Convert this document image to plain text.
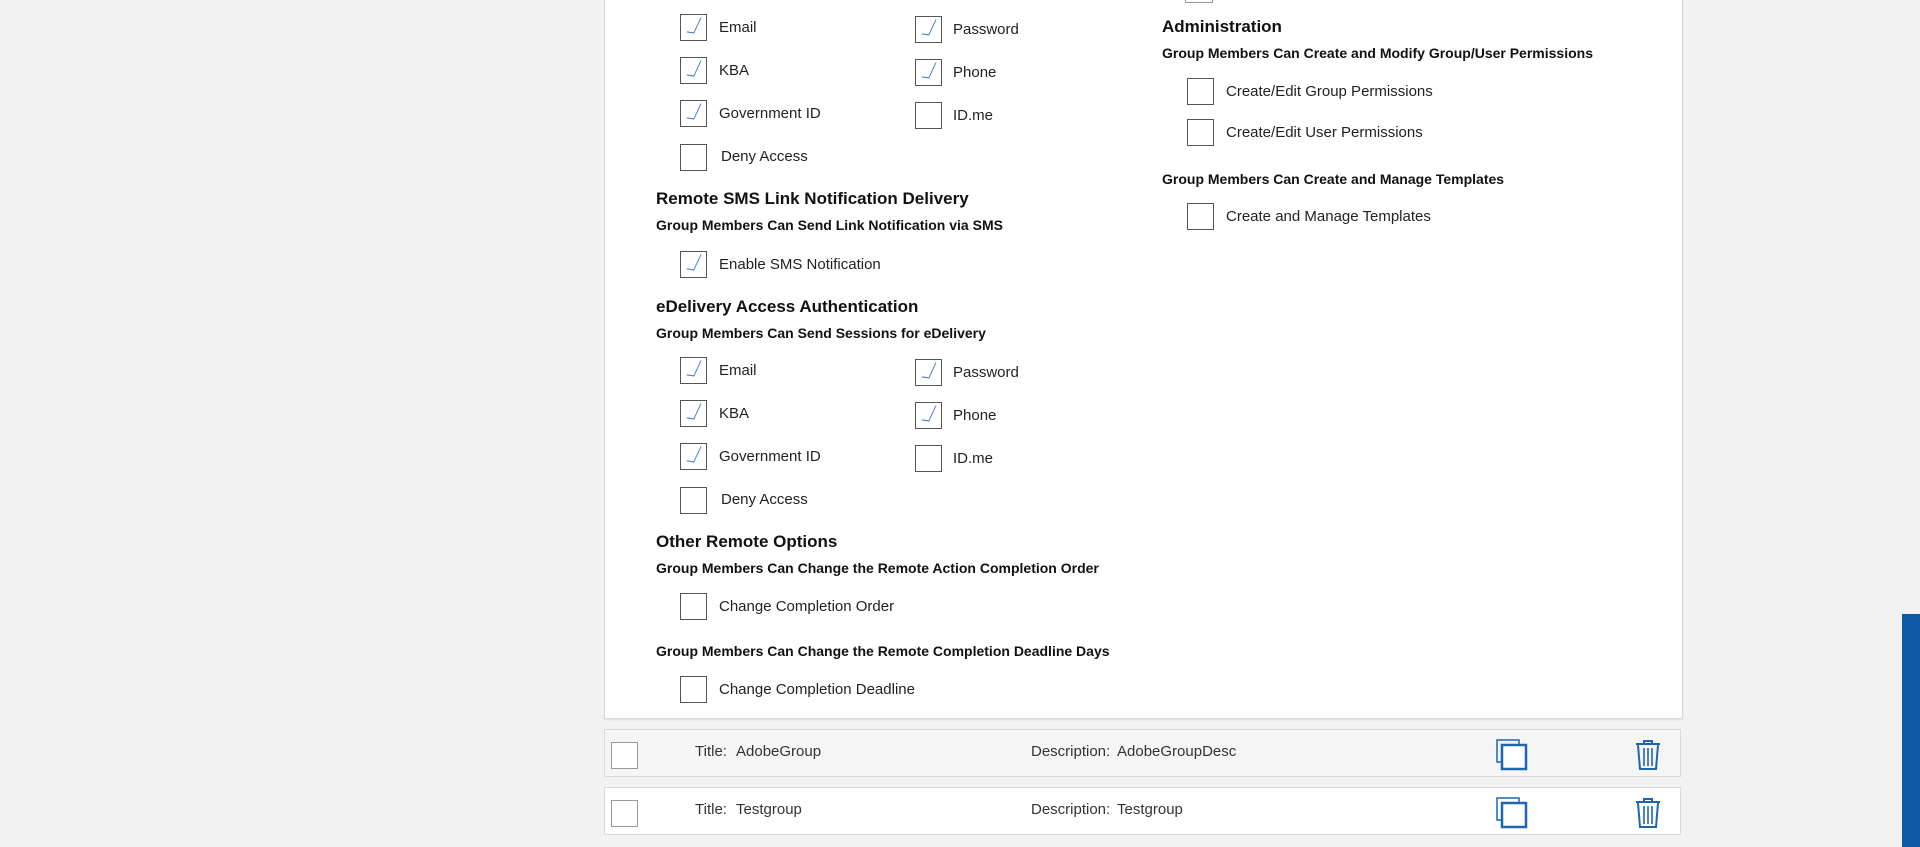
Email	Password
KBA	Phone
Government ID	ID.me
Deny Access
Remote SMS Link Notification Delivery
Group Members Can Send Link Notification via SMS
Enable SMS Notification
eDelivery Access Authentication
Group Members Can Send Sessions for eDelivery
Email	Password
KBA	Phone
Government ID	ID.me
Deny Access
Other Remote Options
Group Members Can Change the Remote Action Completion Order
Change Completion Order
Group Members Can Change the Remote Completion Deadline Days
Change Completion Deadline
Administration
Group Members Can Create and Modify Group/User Permissions
Create/Edit Group Permissions
Create/Edit User Permissions
Group Members Can Create and Manage Templates
Create and Manage Templates
Title: AdobeGroup	Description: AdobeGroupDesc
Title: Testgroup	Description: Testgroup
